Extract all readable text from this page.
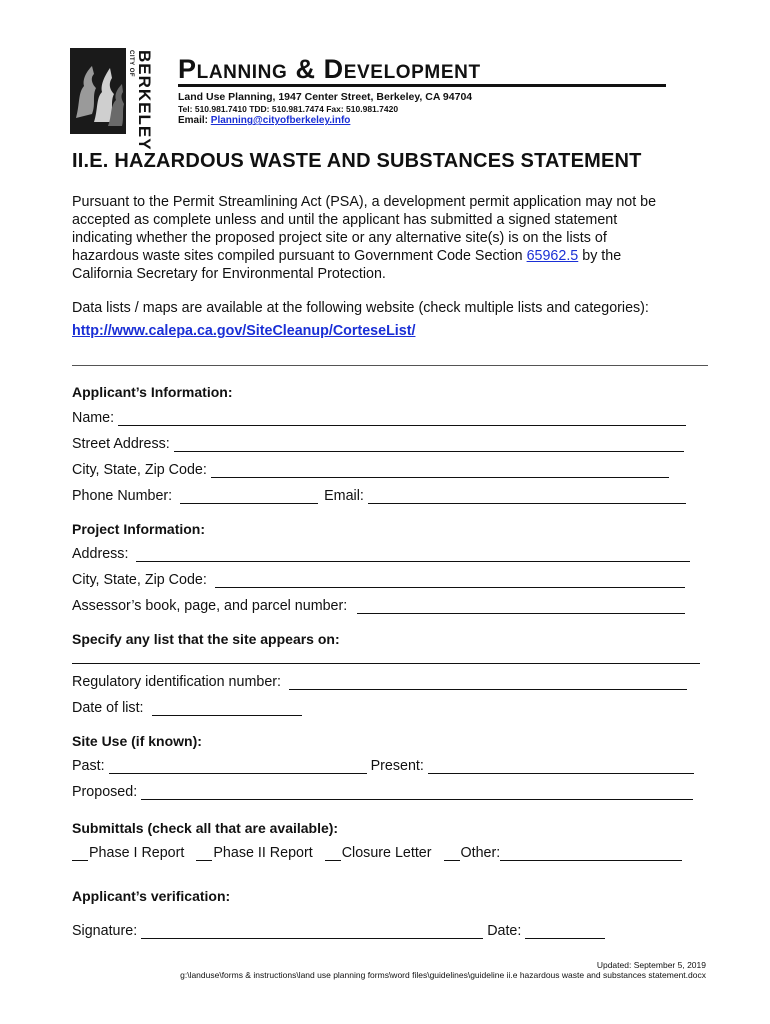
CITY OF BERKELEY Planning & Development
Land Use Planning, 1947 Center Street, Berkeley, CA 94704
Tel: 510.981.7410 TDD: 510.981.7474 Fax: 510.981.7420
Email: Planning@cityofberkeley.info
II.E. HAZARDOUS WASTE AND SUBSTANCES STATEMENT

Pursuant to the Permit Streamlining Act (PSA), a development permit application may not be

accepted as complete unless and until the applicant has submitted a signed statement

indicating whether the proposed project site or any alternative site(s) is on the lists of

hazardous waste sites compiled pursuant to Government Code Section 65962.5 by the

California Secretary for Environmental Protection.

Data lists / maps are available at the following website (check multiple lists and categories):
http://www.calepa.ca.gov/SiteCleanup/CorteseList/
Applicant’s Information:
Name:
Street Address:
City, State, Zip Code:
Phone Number:	Email:
Project Information:
Address:
City, State, Zip Code:
Assessor’s book, page, and parcel number:
Specify any list that the site appears on:
Regulatory identification number:
Date of list:
Site Use (if known):
Past:	Present:
Proposed:
Submittals (check all that are available):
Phase I Report Phase II Report Closure Letter Other:
Applicant’s verification:
Signature:	Date:
Updated: September 5, 2019
g:\landuse\forms & instructions\land use planning forms\word files\guidelines\guideline ii.e hazardous waste and substances statement.docx
